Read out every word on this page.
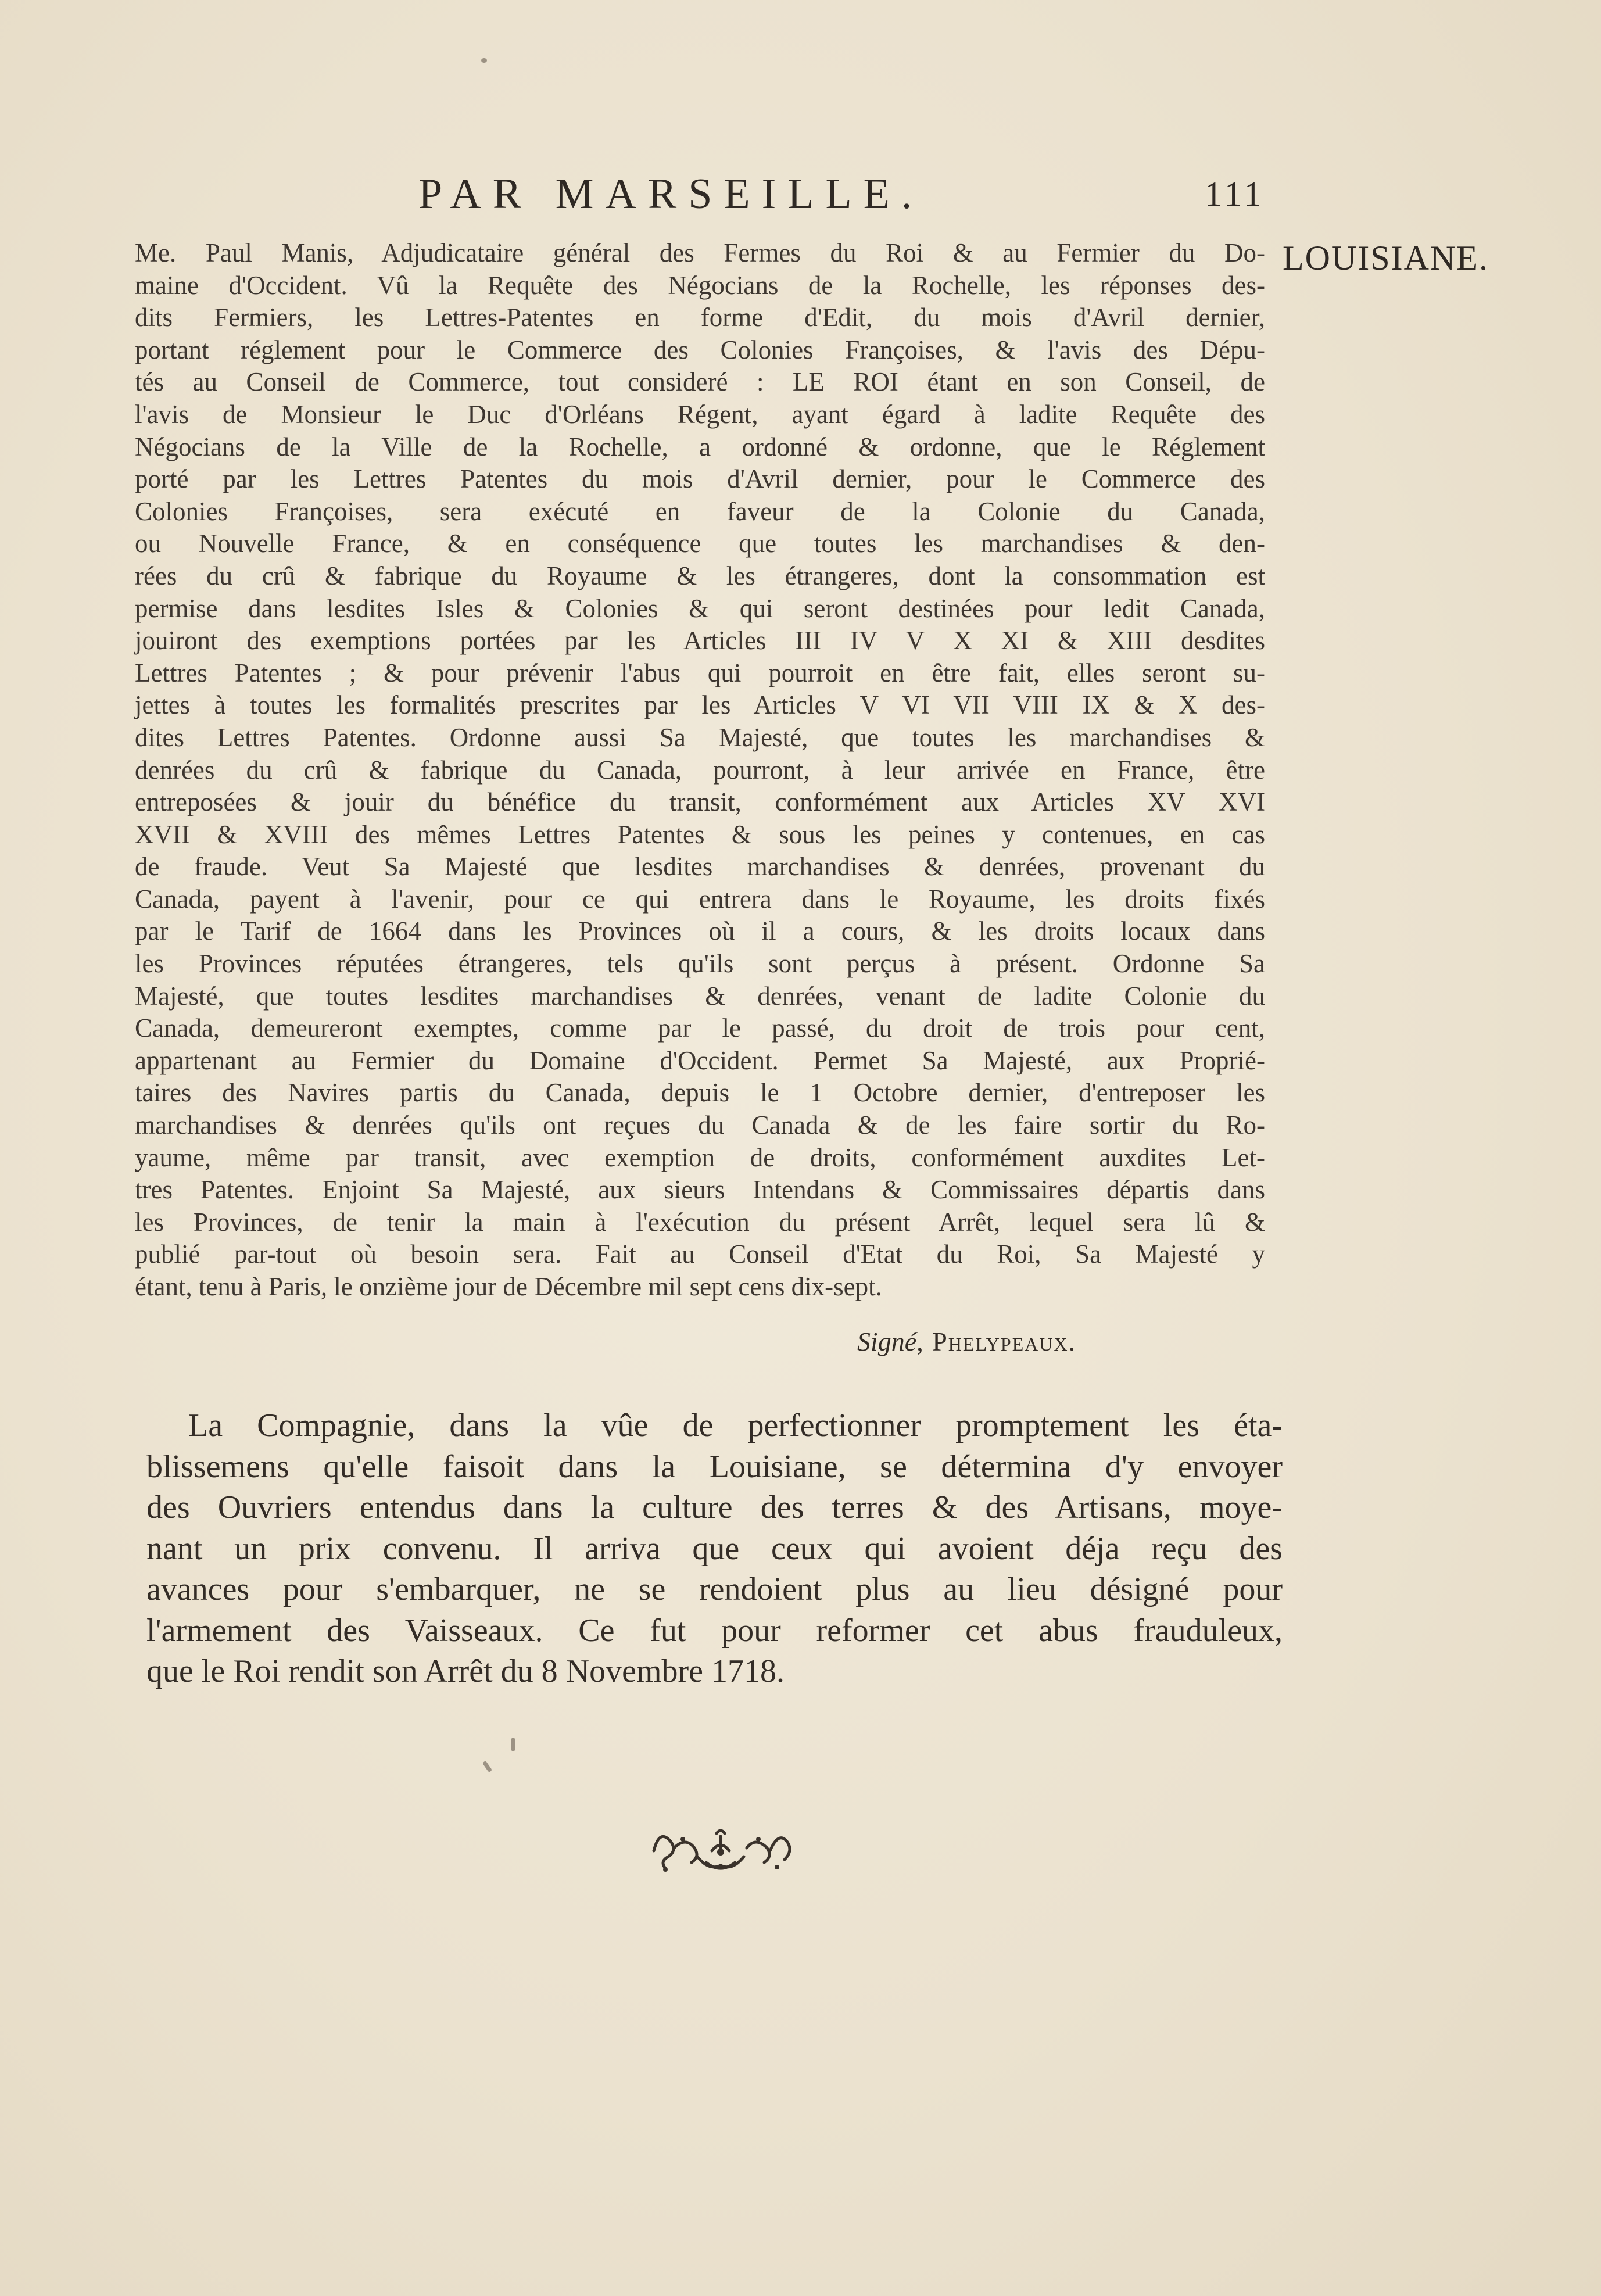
PAR MARSEILLE.	111
LOUISIANE.
Me. Paul Manis, Adjudicataire général des Fermes du Roi & au Fermier du Do-
maine d'Occident. Vû la Requête des Négocians de la Rochelle, les réponses des-
dits Fermiers, les Lettres-Patentes en forme d'Edit, du mois d'Avril dernier,
portant réglement pour le Commerce des Colonies Françoises, & l'avis des Dépu-
tés au Conseil de Commerce, tout consideré : LE ROI étant en son Conseil, de
l'avis de Monsieur le Duc d'Orléans Régent, ayant égard à ladite Requête des
Négocians de la Ville de la Rochelle, a ordonné & ordonne, que le Réglement
porté par les Lettres Patentes du mois d'Avril dernier, pour le Commerce des
Colonies Françoises, sera exécuté en faveur de la Colonie du Canada,
ou Nouvelle France, & en conséquence que toutes les marchandises & den-
rées du crû & fabrique du Royaume & les étrangeres, dont la consommation est
permise dans lesdites Isles & Colonies & qui seront destinées pour ledit Canada,
jouiront des exemptions portées par les Articles III IV V X XI & XIII desdites
Lettres Patentes ; & pour prévenir l'abus qui pourroit en être fait, elles seront su-
jettes à toutes les formalités prescrites par les Articles V VI VII VIII IX & X des-
dites Lettres Patentes. Ordonne aussi Sa Majesté, que toutes les marchandises &
denrées du crû & fabrique du Canada, pourront, à leur arrivée en France, être
entreposées & jouir du bénéfice du transit, conformément aux Articles XV XVI
XVII & XVIII des mêmes Lettres Patentes & sous les peines y contenues, en cas
de fraude. Veut Sa Majesté que lesdites marchandises & denrées, provenant du
Canada, payent à l'avenir, pour ce qui entrera dans le Royaume, les droits fixés
par le Tarif de 1664 dans les Provinces où il a cours, & les droits locaux dans
les Provinces réputées étrangeres, tels qu'ils sont perçus à présent. Ordonne Sa
Majesté, que toutes lesdites marchandises & denrées, venant de ladite Colonie du
Canada, demeureront exemptes, comme par le passé, du droit de trois pour cent,
appartenant au Fermier du Domaine d'Occident. Permet Sa Majesté, aux Proprié-
taires des Navires partis du Canada, depuis le 1 Octobre dernier, d'entreposer les
marchandises & denrées qu'ils ont reçues du Canada & de les faire sortir du Ro-
yaume, même par transit, avec exemption de droits, conformément auxdites Let-
tres Patentes. Enjoint Sa Majesté, aux sieurs Intendans & Commissaires départis dans
les Provinces, de tenir la main à l'exécution du présent Arrêt, lequel sera lû &
publié par-tout où besoin sera. Fait au Conseil d'Etat du Roi, Sa Majesté y
étant, tenu à Paris, le onzième jour de Décembre mil sept cens dix-sept.
Signé, Phelypeaux.
La Compagnie, dans la vûe de perfectionner promptement les éta-
blissemens qu'elle faisoit dans la Louisiane, se détermina d'y envoyer
des Ouvriers entendus dans la culture des terres & des Artisans, moye-
nant un prix convenu. Il arriva que ceux qui avoient déja reçu des
avances pour s'embarquer, ne se rendoient plus au lieu désigné pour
l'armement des Vaisseaux. Ce fut pour reformer cet abus frauduleux,
que le Roi rendit son Arrêt du 8 Novembre 1718.
